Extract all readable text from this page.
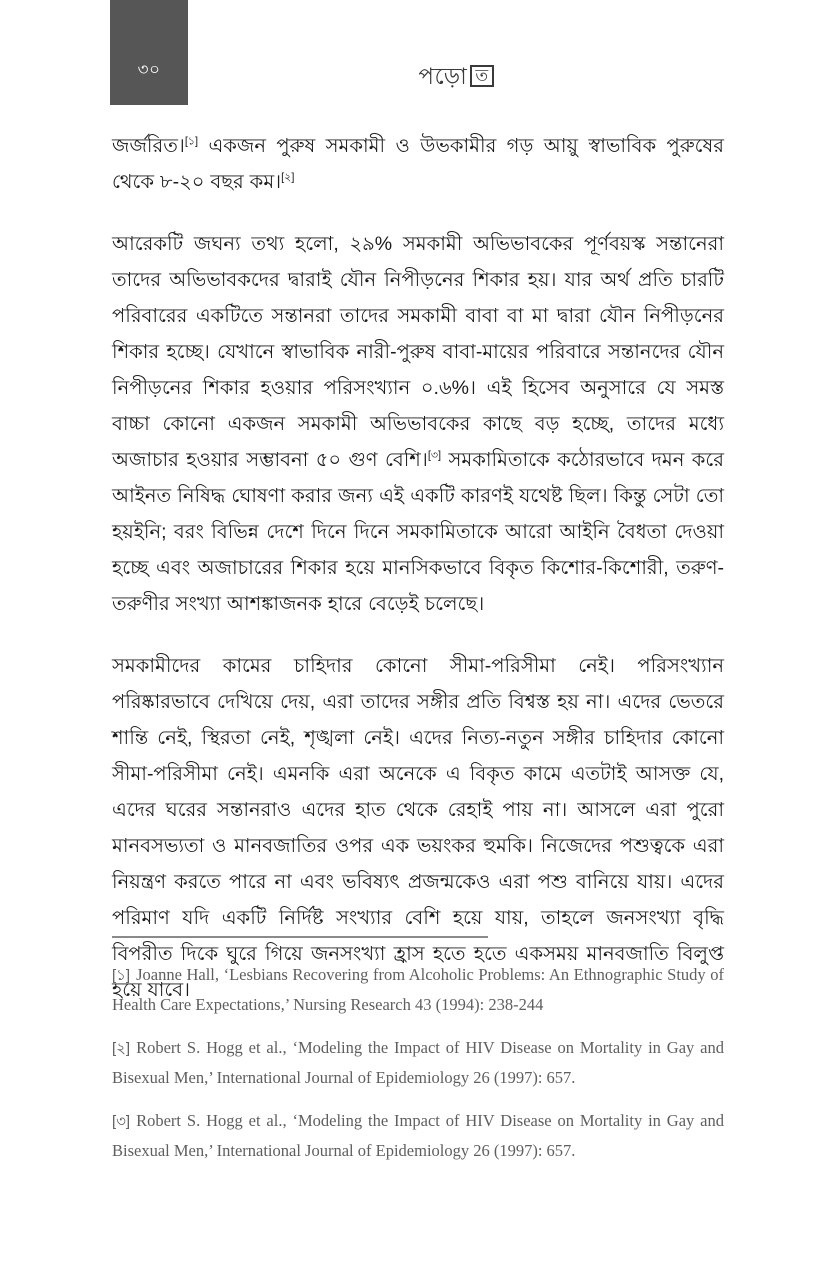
৩০	পড়ো ত

জর্জরিত।[১] একজন পুরুষ সমকামী ও উভকামীর গড় আয়ু স্বাভাবিক পুরুষের থেকে ৮-২০ বছর কম।[২]

আরেকটি জঘন্য তথ্য হলো, ২৯% সমকামী অভিভাবকের পূর্ণবয়স্ক সন্তানেরা তাদের অভিভাবকদের দ্বারাই যৌন নিপীড়নের শিকার হয়। যার অর্থ প্রতি চারটি পরিবারের একটিতে সন্তানরা তাদের সমকামী বাবা বা মা দ্বারা যৌন নিপীড়নের শিকার হচ্ছে। যেখানে স্বাভাবিক নারী-পুরুষ বাবা-মায়ের পরিবারে সন্তানদের যৌন নিপীড়নের শিকার হওয়ার পরিসংখ্যান ০.৬%। এই হিসেব অনুসারে যে সমস্ত বাচ্চা কোনো একজন সমকামী অভিভাবকের কাছে বড় হচ্ছে, তাদের মধ্যে অজাচার হওয়ার সম্ভাবনা ৫০ গুণ বেশি।[৩] সমকামিতাকে কঠোরভাবে দমন করে আইনত নিষিদ্ধ ঘোষণা করার জন্য এই একটি কারণই যথেষ্ট ছিল। কিন্তু সেটা তো হয়ইনি; বরং বিভিন্ন দেশে দিনে দিনে সমকামিতাকে আরো আইনি বৈধতা দেওয়া হচ্ছে এবং অজাচারের শিকার হয়ে মানসিকভাবে বিকৃত কিশোর-কিশোরী, তরুণ-তরুণীর সংখ্যা আশঙ্কাজনক হারে বেড়েই চলেছে।

সমকামীদের কামের চাহিদার কোনো সীমা-পরিসীমা নেই। পরিসংখ্যান পরিষ্কারভাবে দেখিয়ে দেয়, এরা তাদের সঙ্গীর প্রতি বিশ্বস্ত হয় না। এদের ভেতরে শান্তি নেই, স্থিরতা নেই, শৃঙ্খলা নেই। এদের নিত্য-নতুন সঙ্গীর চাহিদার কোনো সীমা-পরিসীমা নেই। এমনকি এরা অনেকে এ বিকৃত কামে এতটাই আসক্ত যে, এদের ঘরের সন্তানরাও এদের হাত থেকে রেহাই পায় না। আসলে এরা পুরো মানবসভ্যতা ও মানবজাতির ওপর এক ভয়ংকর হুমকি। নিজেদের পশুত্বকে এরা নিয়ন্ত্রণ করতে পারে না এবং ভবিষ্যৎ প্রজন্মকেও এরা পশু বানিয়ে যায়। এদের পরিমাণ যদি একটি নির্দিষ্ট সংখ্যার বেশি হয়ে যায়, তাহলে জনসংখ্যা বৃদ্ধি বিপরীত দিকে ঘুরে গিয়ে জনসংখ্যা হ্রাস হতে হতে একসময় মানবজাতি বিলুপ্ত হয়ে যাবে।

[১] Joanne Hall, ‘Lesbians Recovering from Alcoholic Problems: An Ethnographic Study of Health Care Expectations,’ Nursing Research 43 (1994): 238-244
[২] Robert S. Hogg et al., ‘Modeling the Impact of HIV Disease on Mortality in Gay and Bisexual Men,’ International Journal of Epidemiology 26 (1997): 657.
[৩] Robert S. Hogg et al., ‘Modeling the Impact of HIV Disease on Mortality in Gay and Bisexual Men,’ International Journal of Epidemiology 26 (1997): 657.
